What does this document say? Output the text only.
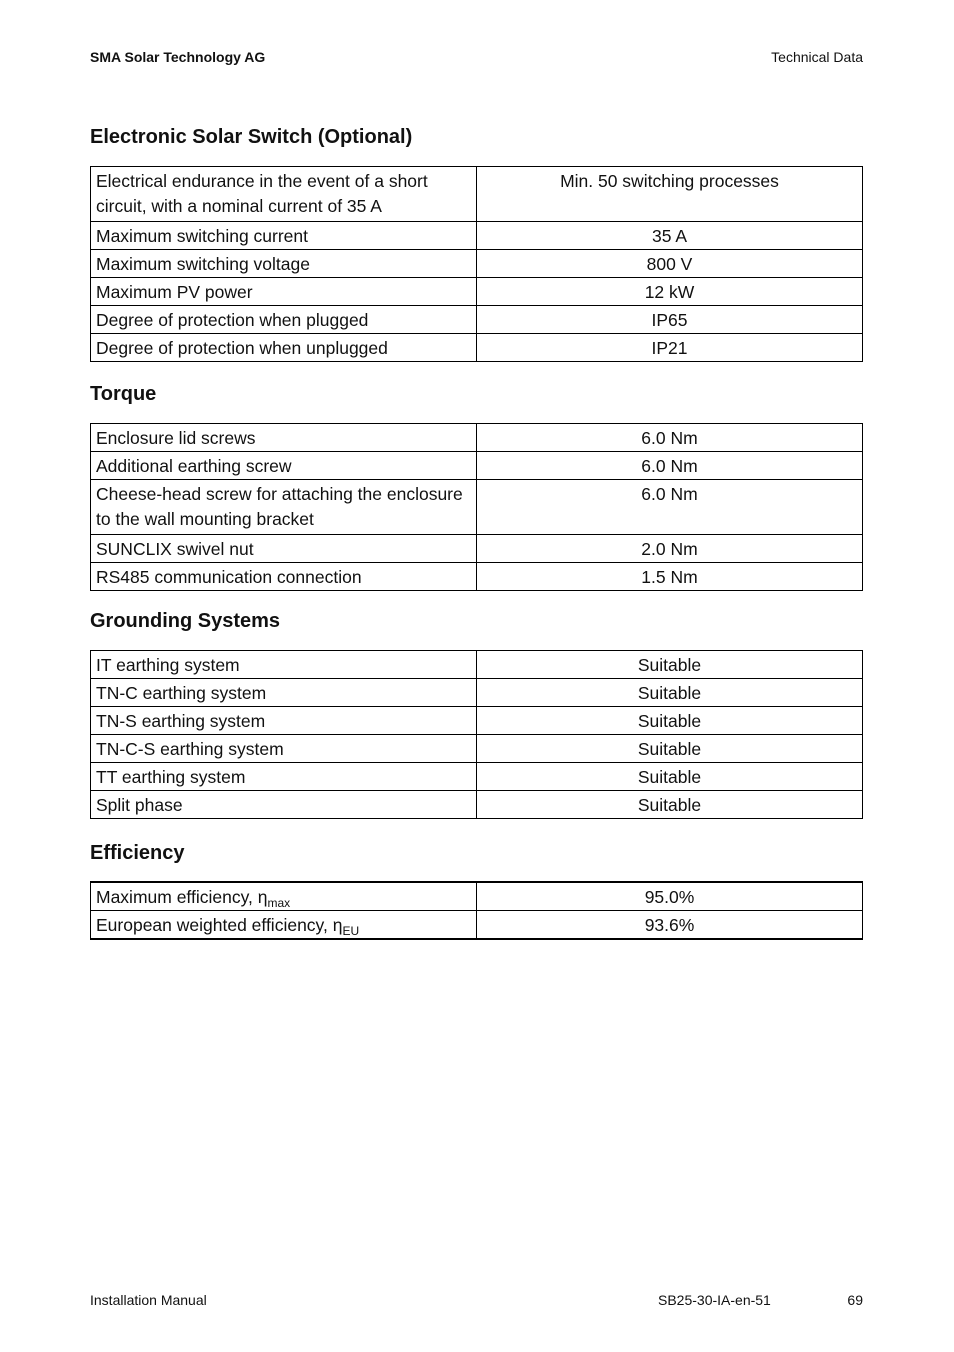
SMA Solar Technology AG	Technical Data
Electronic Solar Switch (Optional)
Electrical endurance in the event of a short circuit, with a nominal current of 35 A	Min. 50 switching processes
Maximum switching current	35 A
Maximum switching voltage	800 V
Maximum PV power	12 kW
Degree of protection when plugged	IP65
Degree of protection when unplugged	IP21
Torque
Enclosure lid screws	6.0 Nm
Additional earthing screw	6.0 Nm
Cheese-head screw for attaching the enclosure to the wall mounting bracket	6.0 Nm
SUNCLIX swivel nut	2.0 Nm
RS485 communication connection	1.5 Nm
Grounding Systems
IT earthing system	Suitable
TN-C earthing system	Suitable
TN-S earthing system	Suitable
TN-C-S earthing system	Suitable
TT earthing system	Suitable
Split phase	Suitable
Efficiency
Maximum efficiency, $\eta_{max}$	95.0%
European weighted efficiency, $\eta_{EU}$	93.6%
Installation Manual	SB25-30-IA-en-51	69
